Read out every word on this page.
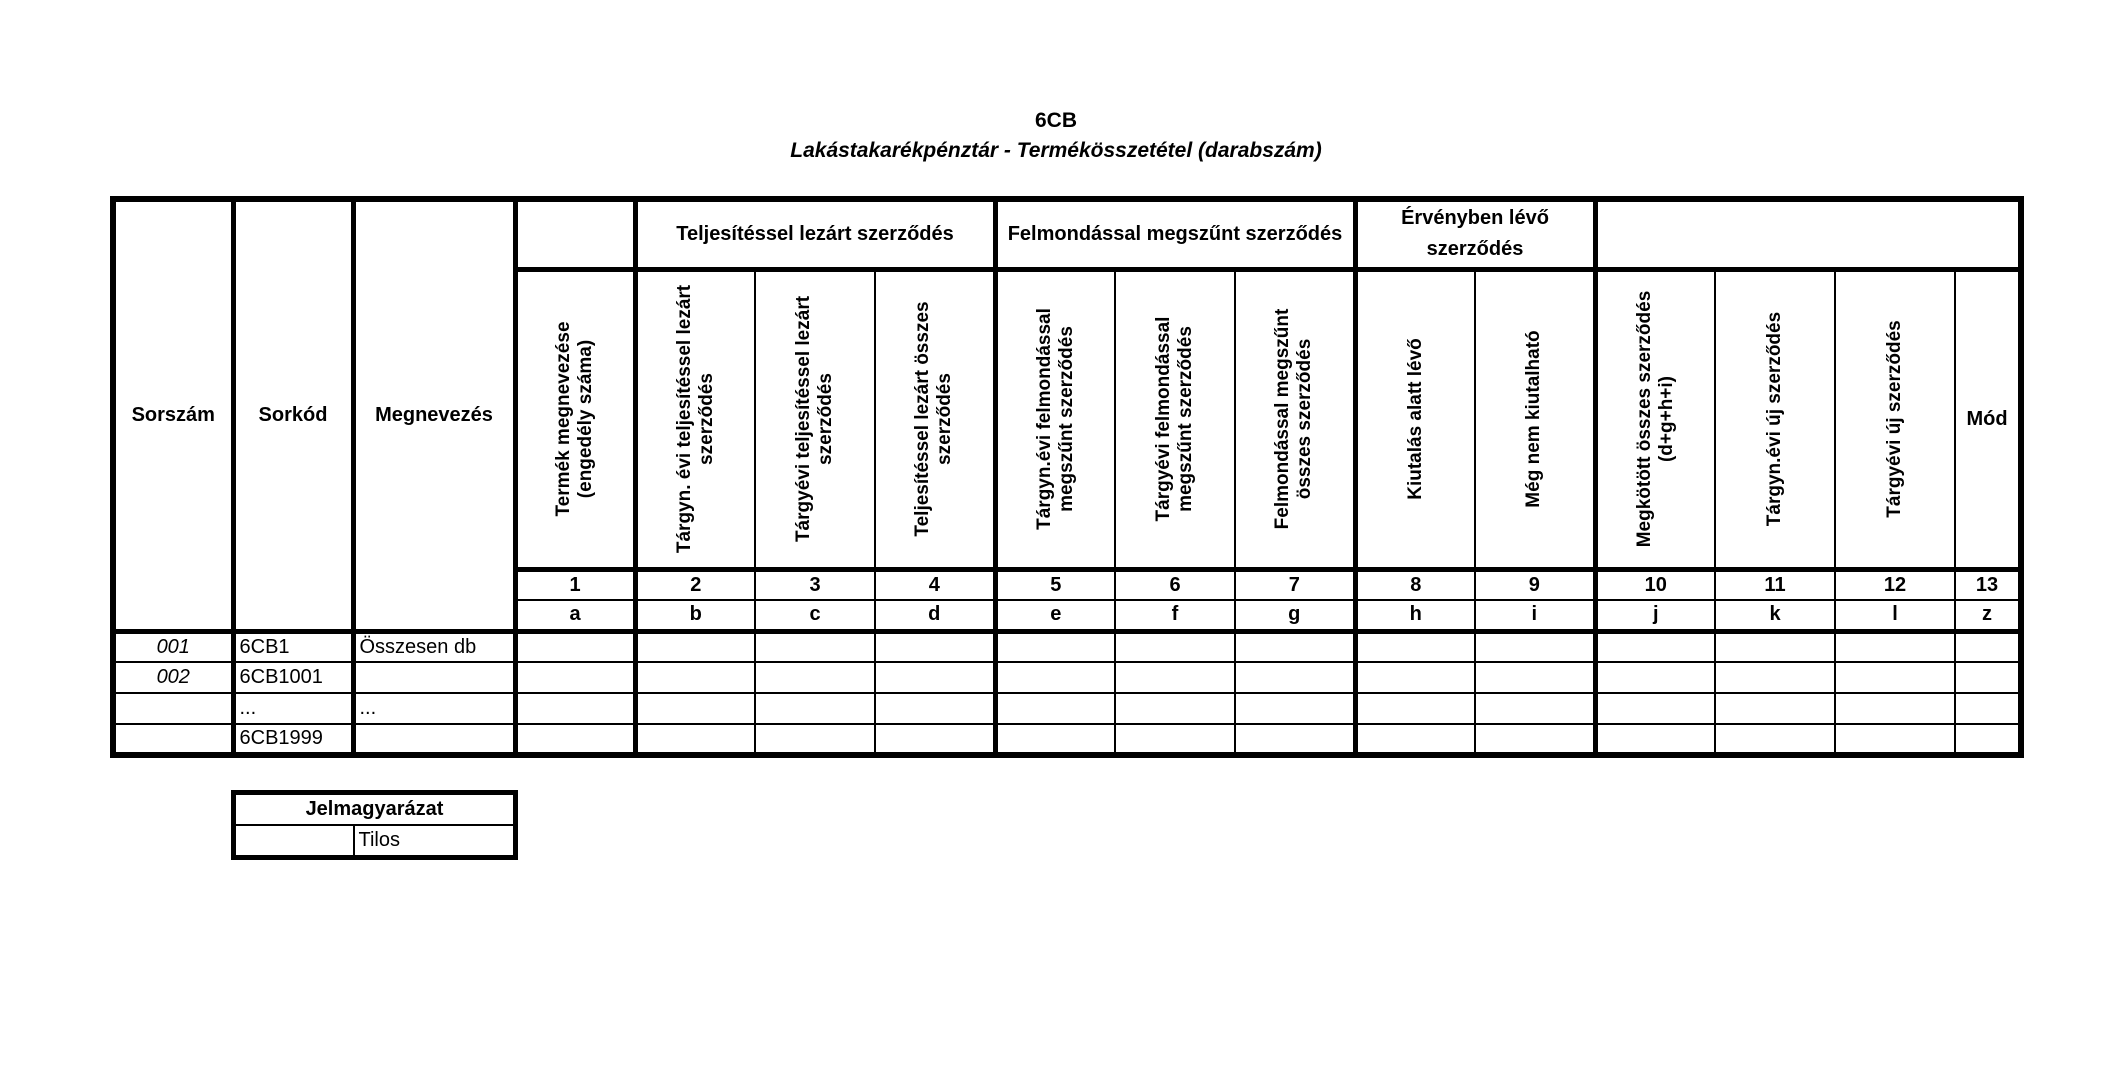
6CB
Lakástakarékpénztár - Termékösszetétel (darabszám)
Sorszám	Sorkód	Megnevezés		Teljesítéssel lezárt szerződés			Felmondással megszűnt szerződés			Érvényben lévő szerződés					

			Termék megnevezése (engedély száma)	Tárgyn. évi teljesítéssel lezárt szerződés	Tárgyévi teljesítéssel lezárt szerződés	Teljesítéssel lezárt összes szerződés	Tárgyn.évi felmondással megszűnt szerződés	Tárgyévi felmondással megszűnt szerződés	Felmondással megszűnt összes szerződés	Kiutalás alatt lévő	Még nem kiutalható	Megkötött összes szerződés (d+g+h+i)	Tárgyn.évi új szerződés	Tárgyévi új szerződés	Mód
			1	2	3	4	5	6	7	8	9	10	11	12	13
			a	b	c	d	e	f	g	h	i	j	k	l	z
001	6CB1	Összesen db													
002	6CB1001														
	...	...													
	6CB1999														
Jelmagyarázat
	Tilos
